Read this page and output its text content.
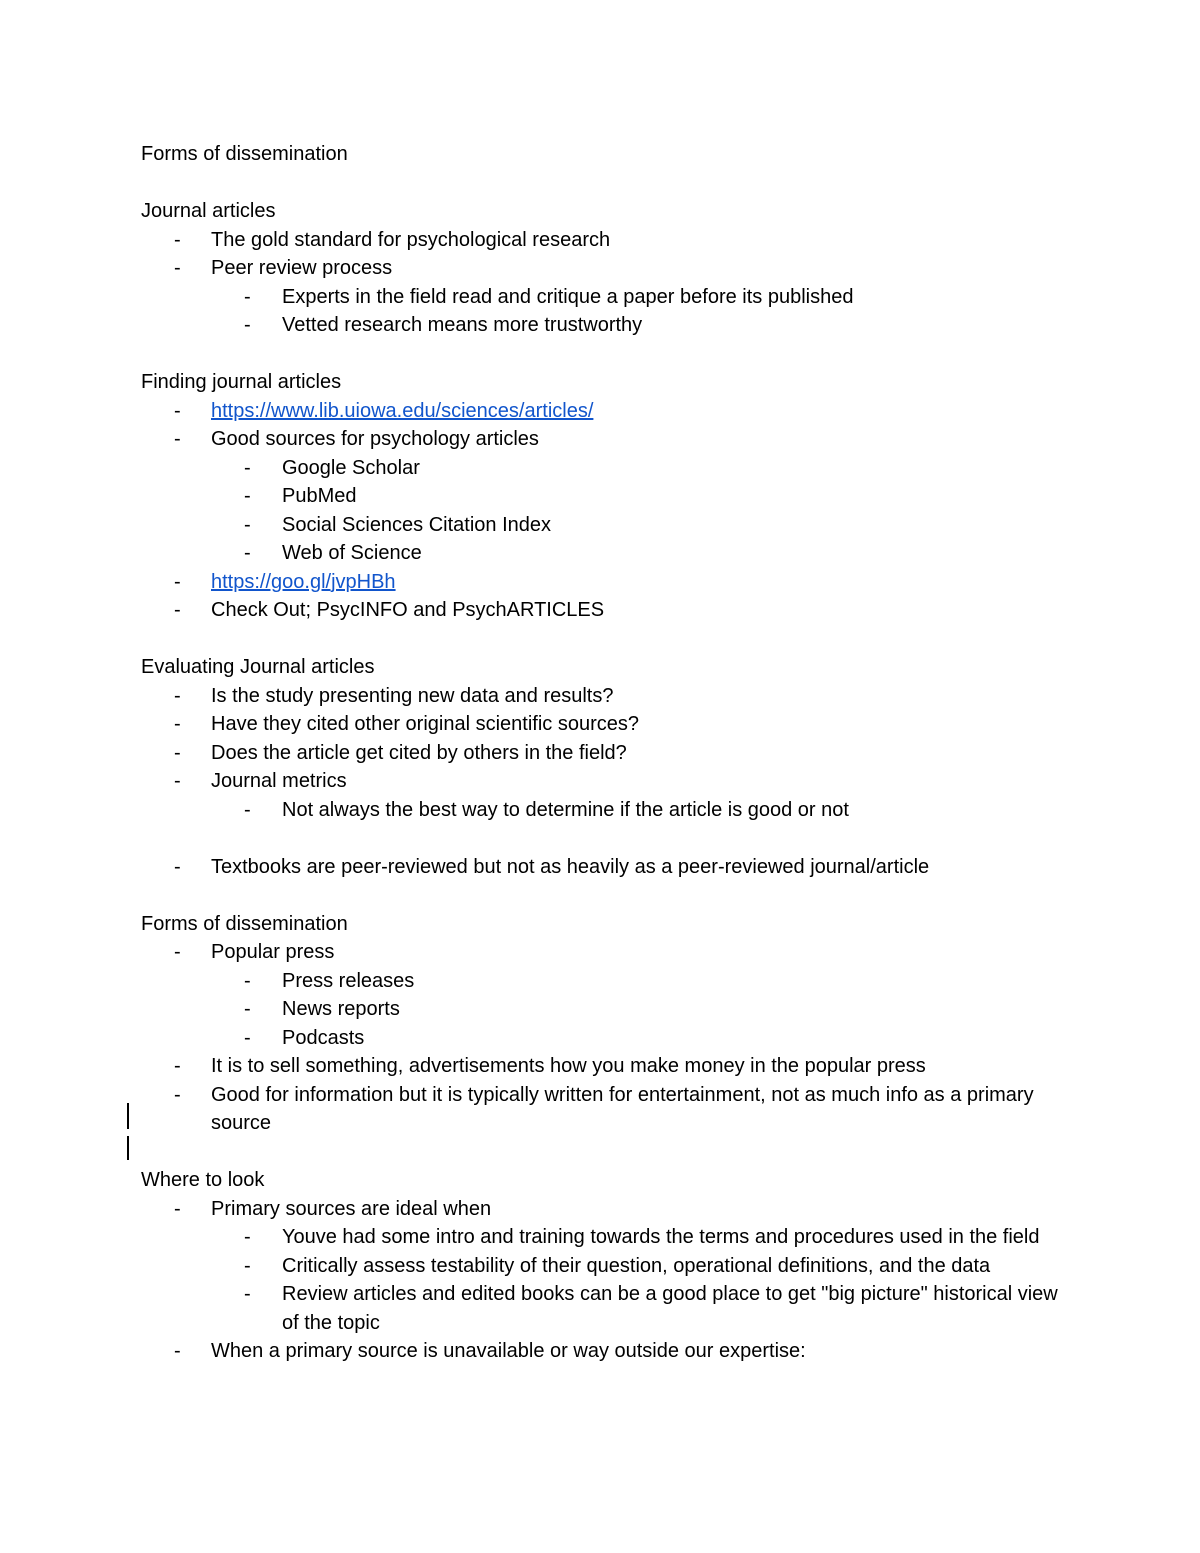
Forms of dissemination
Journal articles
-	The gold standard for psychological research
-	Peer review process
-	Experts in the field read and critique a paper before its published
-	Vetted research means more trustworthy
Finding journal articles
-	https://www.lib.uiowa.edu/sciences/articles/
-	Good sources for psychology articles
-	Google Scholar
-	PubMed
-	Social Sciences Citation Index
-	Web of Science
-	https://goo.gl/jvpHBh
-	Check Out; PsycINFO and PsychARTICLES
Evaluating Journal articles
-	Is the study presenting new data and results?
-	Have they cited other original scientific sources?
-	Does the article get cited by others in the field?
-	Journal metrics
-	Not always the best way to determine if the article is good or not
-	Textbooks are peer-reviewed but not as heavily as a peer-reviewed journal/article
Forms of dissemination
-	Popular press
-	Press releases
-	News reports
-	Podcasts
-	It is to sell something, advertisements how you make money in the popular press
-	Good for information but it is typically written for entertainment, not as much info as a primary source
Where to look
-	Primary sources are ideal when
-	Youve had some intro and training towards the terms and procedures used in the field
-	Critically assess testability of their question, operational definitions, and the data
-	Review articles and edited books can be a good place to get "big picture" historical view of the topic
-	When a primary source is unavailable or way outside our expertise:
